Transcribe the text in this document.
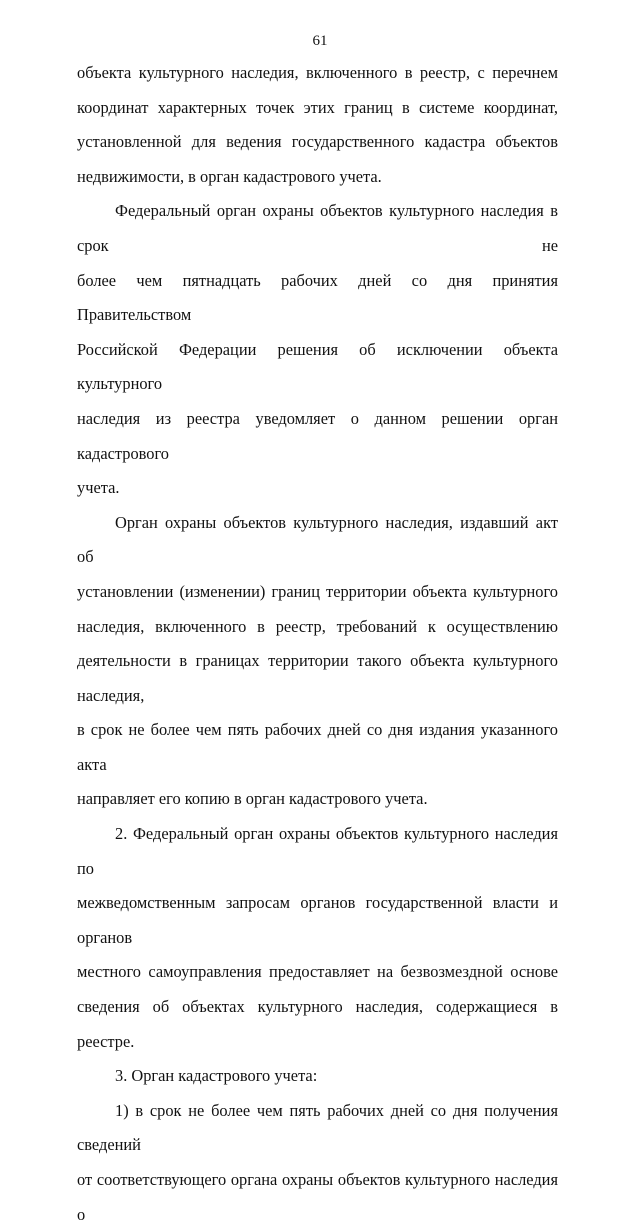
61
объекта культурного наследия, включенного в реестр, с перечнем
координат характерных точек этих границ в системе координат,
установленной для ведения государственного кадастра объектов
недвижимости, в орган кадастрового учета.
Федеральный орган охраны объектов культурного наследия в срок не
более чем пятнадцать рабочих дней со дня принятия Правительством
Российской Федерации решения об исключении объекта культурного
наследия из реестра уведомляет о данном решении орган кадастрового
учета.
Орган охраны объектов культурного наследия, издавший акт об
установлении (изменении) границ территории объекта культурного
наследия, включенного в реестр, требований к осуществлению
деятельности в границах территории такого объекта культурного наследия,
в срок не более чем пять рабочих дней со дня издания указанного акта
направляет его копию в орган кадастрового учета.
2. Федеральный орган охраны объектов культурного наследия по
межведомственным запросам органов государственной власти и органов
местного самоуправления предоставляет на безвозмездной основе
сведения об объектах культурного наследия, содержащиеся в реестре.
3. Орган кадастрового учета:
1) в срок не более чем пять рабочих дней со дня получения сведений
от соответствующего органа охраны объектов культурного наследия о
